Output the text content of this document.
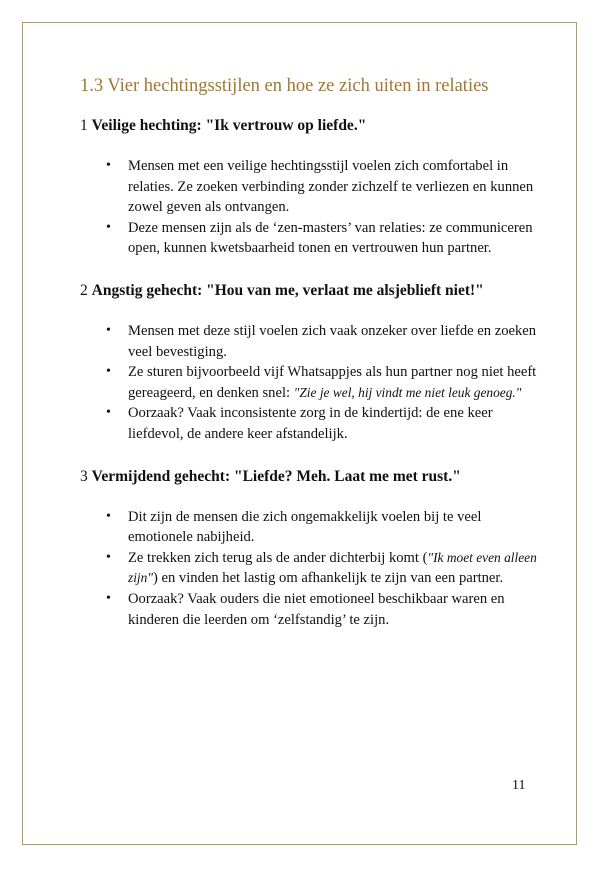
1.3 Vier hechtingsstijlen en hoe ze zich uiten in relaties

1 Veilige hechting: "Ik vertrouw op liefde."

• Mensen met een veilige hechtingsstijl voelen zich comfortabel in relaties. Ze zoeken verbinding zonder zichzelf te verliezen en kunnen zowel geven als ontvangen.
• Deze mensen zijn als de ‘zen-masters’ van relaties: ze communiceren open, kunnen kwetsbaarheid tonen en vertrouwen hun partner.

2 Angstig gehecht: "Hou van me, verlaat me alsjeblieft niet!"

• Mensen met deze stijl voelen zich vaak onzeker over liefde en zoeken veel bevestiging.
• Ze sturen bijvoorbeeld vijf Whatsappjes als hun partner nog niet heeft gereageerd, en denken snel: "Zie je wel, hij vindt me niet leuk genoeg."
• Oorzaak? Vaak inconsistente zorg in de kindertijd: de ene keer liefdevol, de andere keer afstandelijk.

3 Vermijdend gehecht: "Liefde? Meh. Laat me met rust."

• Dit zijn de mensen die zich ongemakkelijk voelen bij te veel emotionele nabijheid.
• Ze trekken zich terug als de ander dichterbij komt ("Ik moet even alleen zijn") en vinden het lastig om afhankelijk te zijn van een partner.
• Oorzaak? Vaak ouders die niet emotioneel beschikbaar waren en kinderen die leerden om ‘zelfstandig’ te zijn.
11
